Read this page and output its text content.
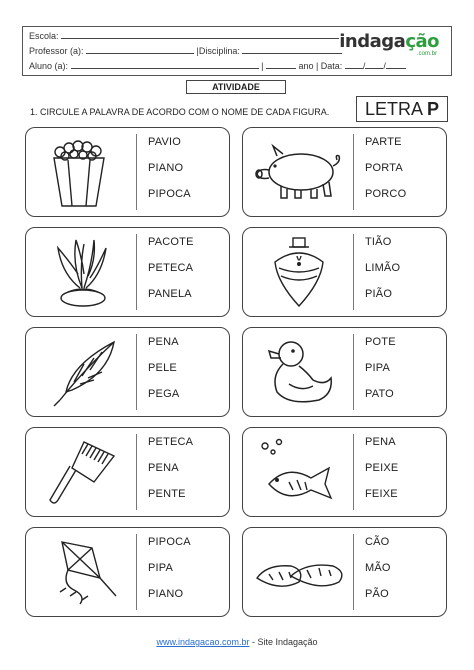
Escola:
Professor (a):	|Disciplina:
Aluno (a):	|	ano | Data: / /
indagação
.com.br
ATIVIDADE
1. CIRCULE A PALAVRA DE ACORDO COM O NOME DE CADA FIGURA.	LETRA P
PAVIO
PIANO
PIPOCA
PARTE
PORTA
PORCO
PACOTE
PETECA
PANELA
TIÃO
LIMÃO
PIÃO
PENA
PELE
PEGA
POTE
PIPA
PATO
PETECA
PENA
PENTE
PENA
PEIXE
FEIXE
PIPOCA
PIPA
PIANO
CÃO
MÃO
PÃO
www.indagacao.com.br - Site Indagação
